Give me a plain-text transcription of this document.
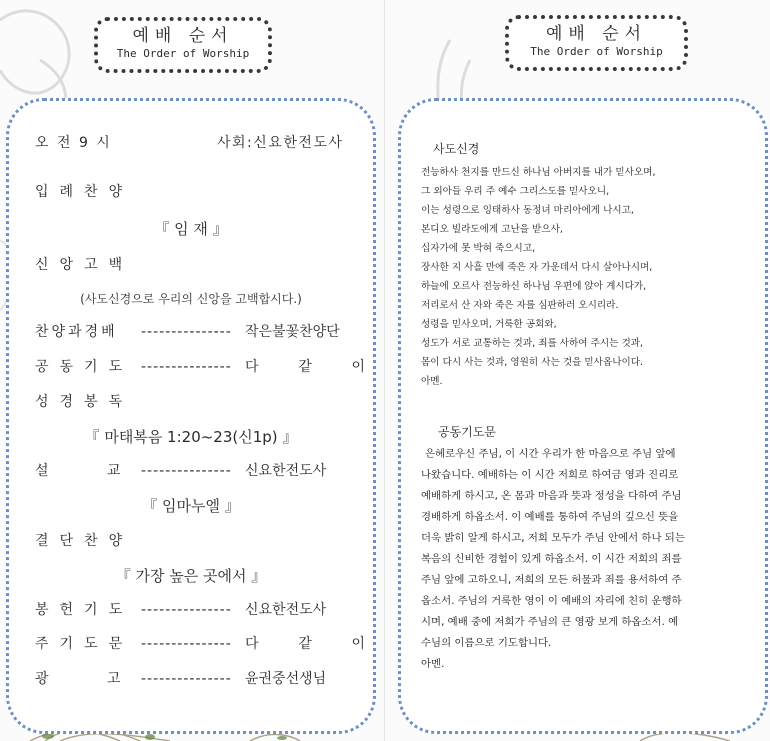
예배 순서
The Order of Worship
예배 순서
The Order of Worship
오 전 9 시	사회:신요한전도사
입례찬양
『 임 재 』
신앙고백
(사도신경으로 우리의 신앙을 고백합시다.)
찬양과경배 --------------- 작은불꽃찬양단
공동기도 --------------- 다 같 이
성경봉독
『 마태복음 1:20~23(신1p) 』
설 교 --------------- 신요한전도사
『 임마누엘 』
결단찬양
『 가장 높은 곳에서 』
봉헌기도 --------------- 신요한전도사
주기도문 --------------- 다 같 이
광 고 --------------- 윤권중선생님
사도신경
전능하사 천지를 만드신 하나님 아버지를 내가 믿사오며,
그 외아들 우리 주 예수 그리스도를 믿사오니,
이는 성령으로 잉태하사 동정녀 마리아에게 나시고,
본디오 빌라도에게 고난을 받으사,
십자가에 못 박혀 죽으시고,
장사한 지 사흘 만에 죽은 자 가운데서 다시 살아나시며,
하늘에 오르사 전능하신 하나님 우편에 앉아 계시다가,
저리로서 산 자와 죽은 자를 심판하러 오시리라.
성령을 믿사오며, 거룩한 공회와,
성도가 서로 교통하는 것과, 죄를 사하여 주시는 것과,
몸이 다시 사는 것과, 영원히 사는 것을 믿사옵나이다.
아멘.
공동기도문
은혜로우신 주님, 이 시간 우리가 한 마음으로 주님 앞에
나왔습니다. 예배하는 이 시간 저희로 하여금 영과 진리로
예배하게 하시고, 온 몸과 마음과 뜻과 정성을 다하여 주님
경배하게 하옵소서. 이 예배를 통하여 주님의 깊으신 뜻을
더욱 밝히 알게 하시고, 저희 모두가 주님 안에서 하나 되는
복음의 신비한 경험이 있게 하옵소서. 이 시간 저희의 죄를
주님 앞에 고하오니, 저희의 모든 허물과 죄를 용서하여 주
옵소서. 주님의 거룩한 영이 이 예배의 자리에 친히 운행하
시며, 예배 중에 저희가 주님의 큰 영광 보게 하옵소서. 예
수님의 이름으로 기도합니다.
아멘.
